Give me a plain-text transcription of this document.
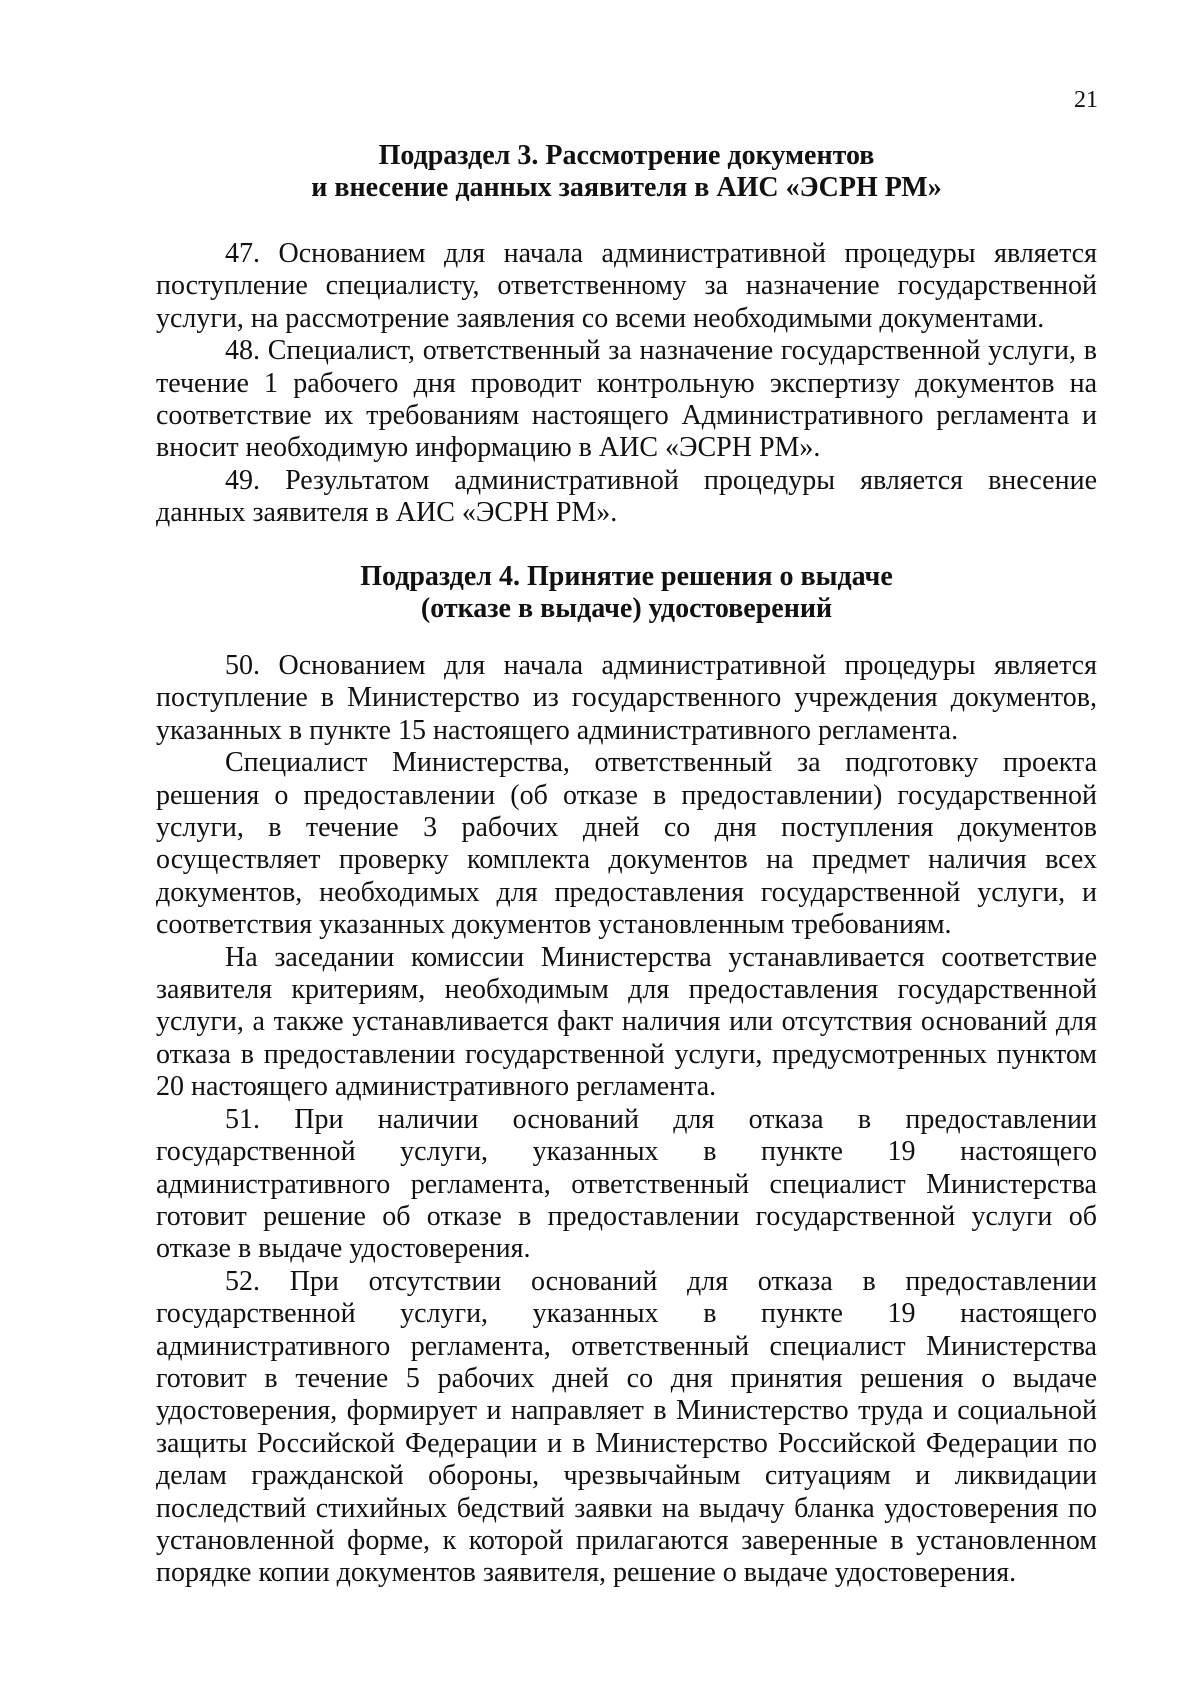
21
Подраздел 3. Рассмотрение документов
и внесение данных заявителя в АИС «ЭСРН РМ»

47. Основанием для начала административной процедуры является поступление специалисту, ответственному за назначение государственной услуги, на рассмотрение заявления со всеми необходимыми документами.

48. Специалист, ответственный за назначение государственной услуги, в течение 1 рабочего дня проводит контрольную экспертизу документов на соответствие их требованиям настоящего Административного регламента и вносит необходимую информацию в АИС «ЭСРН РМ».

49. Результатом административной процедуры является внесение данных заявителя в АИС «ЭСРН РМ».

Подраздел 4. Принятие решения о выдаче
(отказе в выдаче) удостоверений

50. Основанием для начала административной процедуры является поступление в Министерство из государственного учреждения документов, указанных в пункте 15 настоящего административного регламента.

Специалист Министерства, ответственный за подготовку проекта решения о предоставлении (об отказе в предоставлении) государственной услуги, в течение 3 рабочих дней со дня поступления документов осуществляет проверку комплекта документов на предмет наличия всех документов, необходимых для предоставления государственной услуги, и соответствия указанных документов установленным требованиям.

На заседании комиссии Министерства устанавливается соответствие заявителя критериям, необходимым для предоставления государственной услуги, а также устанавливается факт наличия или отсутствия оснований для отказа в предоставлении государственной услуги, предусмотренных пунктом 20 настоящего административного регламента.

51. При наличии оснований для отказа в предоставлении государственной услуги, указанных в пункте 19 настоящего административного регламента, ответственный специалист Министерства готовит решение об отказе в предоставлении государственной услуги об отказе в выдаче удостоверения.

52. При отсутствии оснований для отказа в предоставлении государственной услуги, указанных в пункте 19 настоящего административного регламента, ответственный специалист Министерства готовит в течение 5 рабочих дней со дня принятия решения о выдаче удостоверения, формирует и направляет в Министерство труда и социальной защиты Российской Федерации и в Министерство Российской Федерации по делам гражданской обороны, чрезвычайным ситуациям и ликвидации последствий стихийных бедствий заявки на выдачу бланка удостоверения по установленной форме, к которой прилагаются заверенные в установленном порядке копии документов заявителя, решение о выдаче удостоверения.
